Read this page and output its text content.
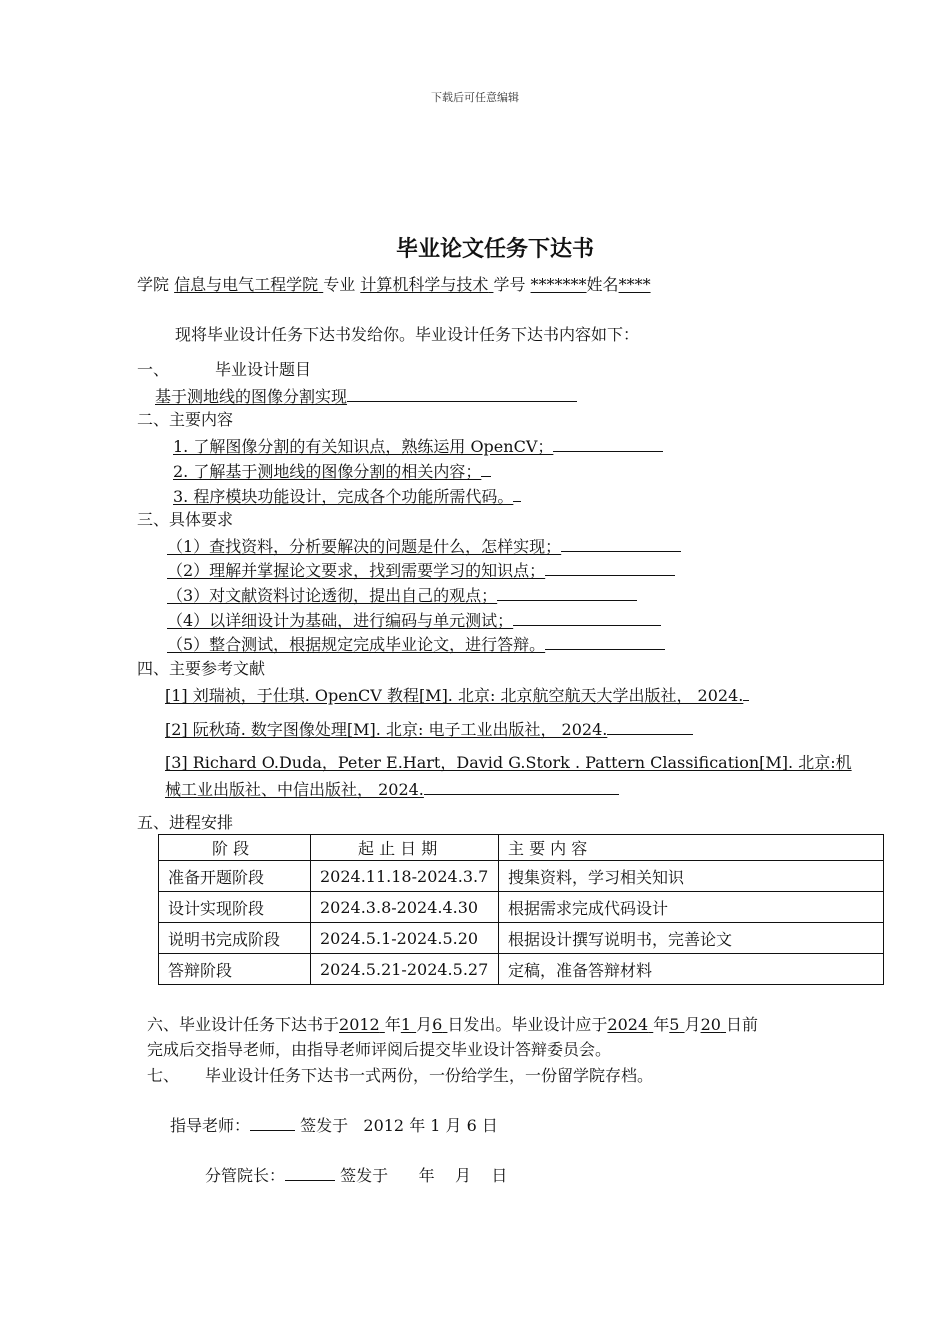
下载后可任意编辑
毕业论文任务下达书
学院 信息与电气工程学院 专业 计算机科学与技术 学号 *******姓名****
现将毕业设计任务下达书发给你。毕业设计任务下达书内容如下：
一、	毕业设计题目
基于测地线的图像分割实现
二、主要内容
1. 了解图像分割的有关知识点，熟练运用 OpenCV；
2. 了解基于测地线的图像分割的相关内容；
3. 程序模块功能设计，完成各个功能所需代码。
三、具体要求
（1）查找资料，分析要解决的问题是什么，怎样实现；
（2）理解并掌握论文要求，找到需要学习的知识点；
（3）对文献资料讨论透彻，提出自己的观点；
（4）以详细设计为基础，进行编码与单元测试；
（5）整合测试，根据规定完成毕业论文，进行答辩。
四、主要参考文献
[1] 刘瑞祯，于仕琪. OpenCV 教程[M]. 北京: 北京航空航天大学出版社， 2024.
[2] 阮秋琦. 数字图像处理[M]. 北京: 电子工业出版社， 2024.
[3] Richard O.Duda，Peter E.Hart，David G.Stork . Pattern Classification[M]. 北京:机
械工业出版社、中信出版社， 2024.
五、进程安排
阶 段	起 止 日 期	主 要 内 容
准备开题阶段	2024.11.18-2024.3.7	搜集资料，学习相关知识
设计实现阶段	2024.3.8-2024.4.30	根据需求完成代码设计
说明书完成阶段	2024.5.1-2024.5.20	根据设计撰写说明书，完善论文
答辩阶段	2024.5.21-2024.5.27	定稿，准备答辩材料
六、毕业设计任务下达书于2012 年1 月6 日发出。毕业设计应于2024 年5 月20 日前
完成后交指导老师，由指导老师评阅后提交毕业设计答辩委员会。
七、 毕业设计任务下达书一式两份，一份给学生，一份留学院存档。
指导老师：	签发于 2012 年 1 月 6 日
分管院长：	签发于 年    月    日
